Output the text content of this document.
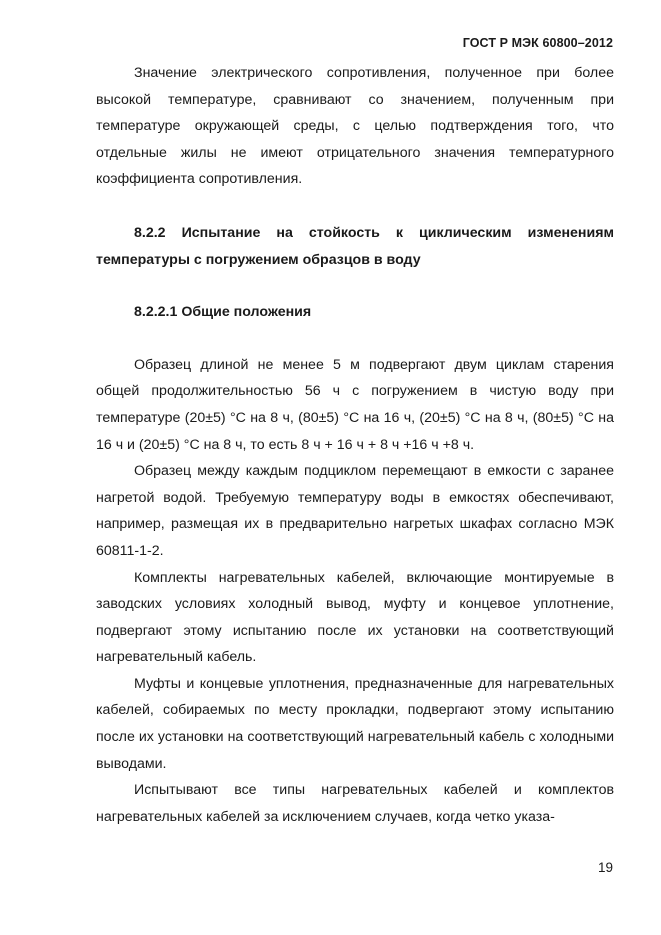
ГОСТ Р МЭК 60800–2012

Значение электрического сопротивления, полученное при более высокой температуре, сравнивают со значением, полученным при температуре окружающей среды, с целью подтверждения того, что отдельные жилы не имеют отрицательного значения температурного коэффициента сопротивления.

8.2.2 Испытание на стойкость к циклическим изменениям температуры с погружением образцов в воду

8.2.2.1 Общие положения

Образец длиной не менее 5 м подвергают двум циклам старения общей продолжительностью 56 ч с погружением в чистую воду при температуре (20±5) °С на 8 ч, (80±5) °С на 16 ч, (20±5) °С на 8 ч, (80±5) °С на 16 ч и (20±5) °С на 8 ч, то есть 8 ч + 16 ч + 8 ч +16 ч +8 ч.

Образец между каждым подциклом перемещают в емкости с заранее нагретой водой. Требуемую температуру воды в емкостях обеспечивают, например, размещая их в предварительно нагретых шкафах согласно МЭК 60811-1-2.

Комплекты нагревательных кабелей, включающие монтируемые в заводских условиях холодный вывод, муфту и концевое уплотнение, подвергают этому испытанию после их установки на соответствующий нагревательный кабель.

Муфты и концевые уплотнения, предназначенные для нагревательных кабелей, собираемых по месту прокладки, подвергают этому испытанию после их установки на соответствующий нагревательный кабель с холодными выводами.

Испытывают все типы нагревательных кабелей и комплектов нагревательных кабелей за исключением случаев, когда четко указа-

19
